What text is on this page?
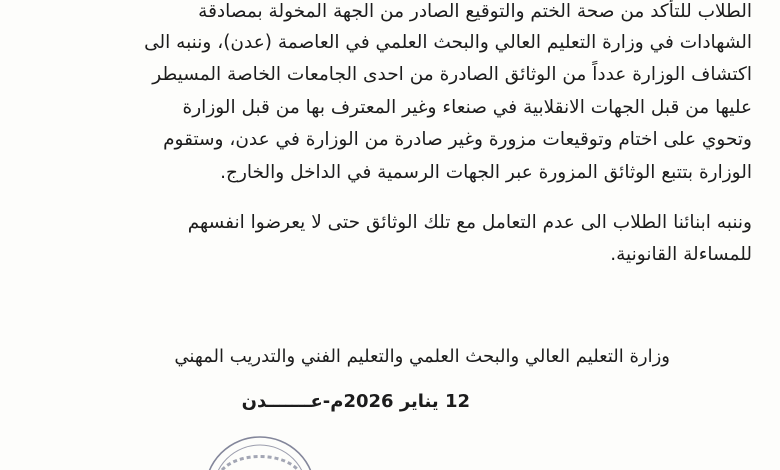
الطلاب للتأكد من صحة الختم والتوقيع الصادر من الجهة المخولة بمصادقة
الشهادات في وزارة التعليم العالي والبحث العلمي في العاصمة (عدن)، وننبه الى
اكتشاف الوزارة عدداً من الوثائق الصادرة من احدى الجامعات الخاصة المسيطر
عليها من قبل الجهات الانقلابية في صنعاء وغير المعترف بها من قبل الوزارة
وتحوي على اختام وتوقيعات مزورة وغير صادرة من الوزارة في عدن، وستقوم
الوزارة بتتبع الوثائق المزورة عبر الجهات الرسمية في الداخل والخارج.
وننبه ابنائنا الطلاب الى عدم التعامل مع تلك الوثائق حتى لا يعرضوا انفسهم
للمساءلة القانونية.
وزارة التعليم العالي والبحث العلمي والتعليم الفني والتدريب المهني
12 يناير 2026م-عـــــــدن
